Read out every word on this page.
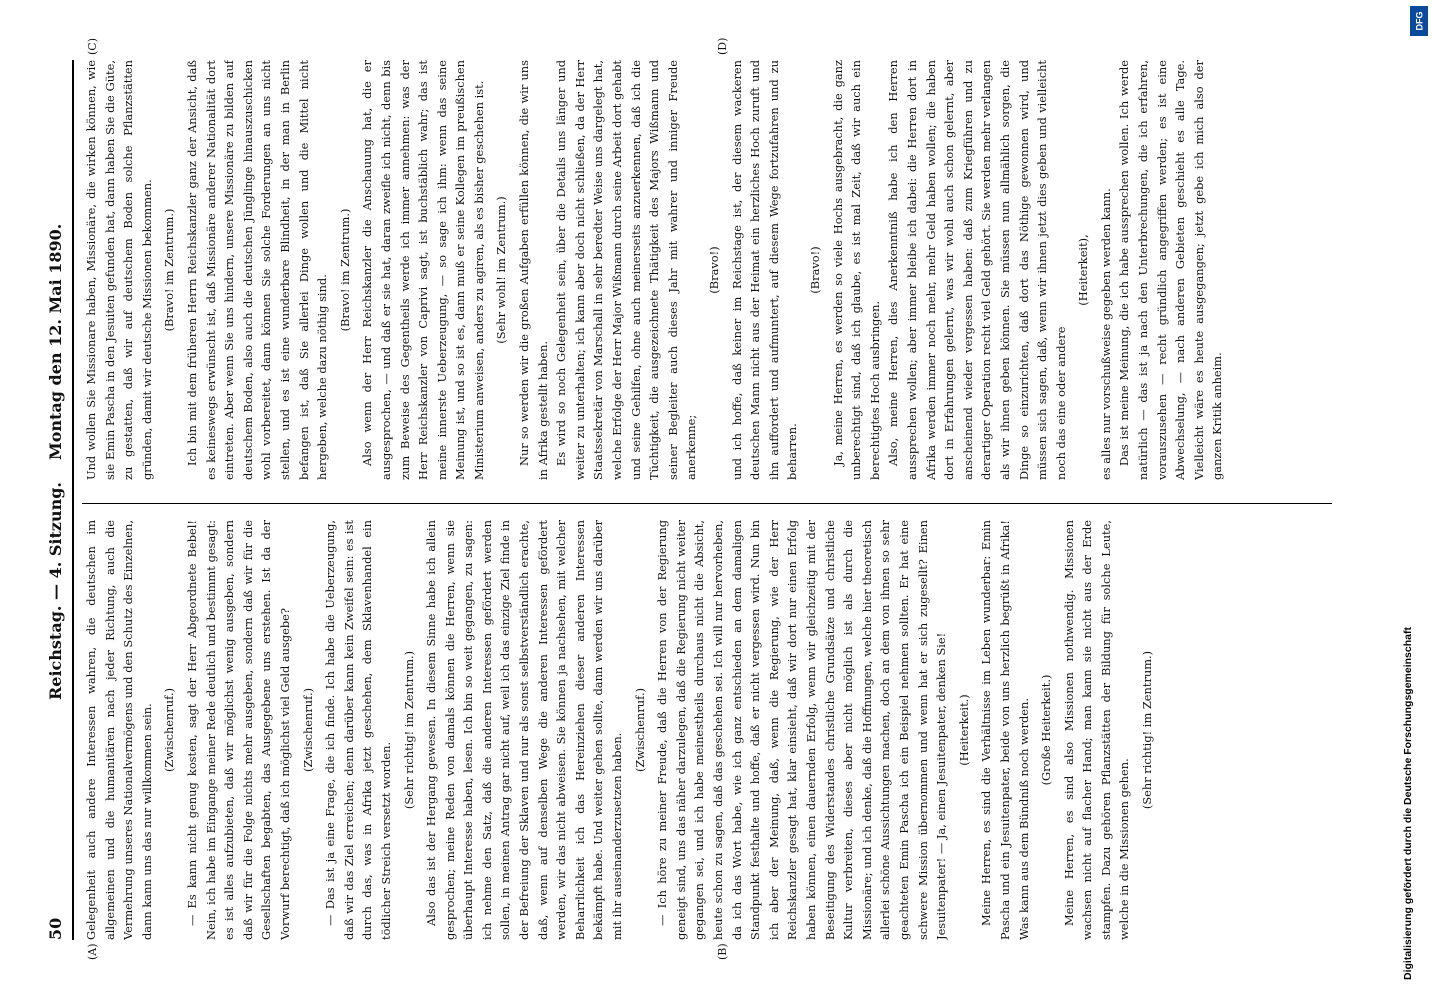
50
Reichstag. — 4. Sitzung.
Montag den 12. Mai 1890.
(A)	(B)
(C)	(D)

Gelegenheit auch andere Interessen wahren, die deutschen im allgemeinen und die humanitären nach jeder Richtung, auch die Vermehrung unseres Nationalvermögens und den Schutz des Einzelnen, dann kann uns das nur willkommen sein. (Zwischenruf.) — Es kann nicht genug kosten, sagt der Herr Abgeordnete Bebel! Nein, ich habe im Eingange meiner Rede deutlich und bestimmt gesagt: es ist alles aufzubieten, daß wir möglichst wenig ausgeben, sondern daß wir für die Folge nichts mehr ausgeben, sondern daß wir für die Gesellschaften begabten, das Ausgegebene uns erstehen. Ist da der Vorwurf berechtigt, daß ich möglichst viel Geld ausgebe? (Zwischenruf.) — Das ist ja eine Frage, die ich finde. Ich habe die Ueberzeugung, daß wir das Ziel erreichen; denn darüber kann kein Zweifel sein: es ist durch das, was in Afrika jetzt geschehen, dem Sklavenhandel ein tödlicher Streich versetzt worden.

(Sehr richtig! im Zentrum.) Also das ist der Hergang gewesen. In diesem Sinne habe ich allein gesprochen; meine Reden von damals können die Herren, wenn sie überhaupt Interesse haben, lesen. Ich bin so weit gegangen, zu sagen: ich nehme den Satz, daß die anderen Interessen gefördert werden sollen, in meinen Antrag gar nicht auf, weil ich das einzige Ziel finde in der Befreiung der Sklaven und nur als sonst selbstverständlich erachte, daß, wenn auf denselben Wege die anderen Interessen gefördert werden, wir das nicht abweisen. Sie können ja nachsehen, mit welcher Beharrlichkeit ich das Hereinziehen dieser anderen Interessen bekämpft habe. Und weiter gehen sollte, dann werden wir uns darüber mit ihr auseinanderzusetzen haben.

(Zwischenruf.) — Ich höre zu meiner Freude, daß die Herren von der Regierung geneigt sind, uns das näher darzulegen, daß die Regierung nicht weiter gegangen sei, und ich habe meinestheils durchaus nicht die Absicht, heute schon zu sagen, daß das geschehen sei. Ich will nur hervorheben, da ich das Wort habe, wie ich ganz entschieden an dem damaligen Standpunkt festhalte und hoffe, daß er nicht vergessen wird. Nun bin ich aber der Meinung, daß, wenn die Regierung, wie der Herr Reichskanzler gesagt hat, klar einsieht, daß wir dort nur einen Erfolg haben können, einen dauernden Erfolg, wenn wir gleichzeitig mit der Beseitigung des Widerstandes christliche Grundsätze und christliche Kultur verbreiten, dieses aber nicht möglich ist als durch die Missionäre; und ich denke, daß die Hoffnungen, welche hier theoretisch allerlei schöne Aussichtungen machen, doch an dem von ihnen so sehr geachteten Emin Pascha ich ein Beispiel nehmen sollten. Er hat eine schwere Mission übernommen und wenn hat er sich zugesellt? Einen Jesuitenpater! — Ja, einen Jesuitenpater, denken Sie! (Heiterkeit.) Meine Herren, es sind die Verhältnisse im Leben wunderbar: Emin Pascha und ein Jesuitenpater, beide von uns herzlich begrüßt in Afrika! Was kann aus dem Bündniß noch werden. (Große Heiterkeit.) Meine Herren, es sind also Missionen nothwendig. Missionen wachsen nicht auf flacher Hand; man kann sie nicht aus der Erde stampfen. Dazu gehören Pflanzstätten der Bildung für solche Leute, welche in die Missionen gehen.

(Sehr richtig! im Zentrum.)

Und wollen Sie Missionare haben, Missionäre, die wirken können, wie sie Emin Pascha in den Jesuiten gefunden hat, dann haben Sie die Güte, zu gestatten, daß wir auf deutschem Boden solche Pflanzstätten gründen, damit wir deutsche Missionen bekommen. (Bravo! im Zentrum.) Ich bin mit dem früheren Herrn Reichskanzler ganz der Ansicht, daß es keineswegs erwünscht ist, daß Missionäre anderer Nationalität dort eintreten. Aber wenn Sie uns hindern, unsere Missionäre zu bilden auf deutschem Boden, also auch die deutschen Jünglinge hinauszuschicken wohl vorbereitet, dann können Sie solche Forderungen an uns nicht stellen, und es ist eine wunderbare Blindheit, in der man in Berlin befangen ist, daß Sie allerlei Dinge wollen und die Mittel nicht hergeben, welche dazu nöthig sind.

(Bravo! im Zentrum.) Also wenn der Herr Reichskanzler die Anschauung hat, die er ausgesprochen, — und daß er sie hat, daran zweifle ich nicht, denn bis zum Beweise des Gegentheils werde ich immer annehmen: was der Herr Reichskanzler von Caprivi sagt, ist buchstäblich wahr; das ist meine innerste Ueberzeugung, — so sage ich ihm: wenn das seine Meinung ist, und so ist es, dann muß er seine Kollegen im preußischen Ministerium anweisen, anders zu agiren, als es bisher geschehen ist. (Sehr wohl! im Zentrum.) Nur so werden wir die großen Aufgaben erfüllen können, die wir uns in Afrika gestellt haben. Es wird so noch Gelegenheit sein, über die Details uns länger und weiter zu unterhalten; ich kann aber doch nicht schließen, da der Herr Staatssekretär von Marschall in sehr beredter Weise uns dargelegt hat, welche Erfolge der Herr Major Wißmann durch seine Arbeit dort gehabt und seine Gehilfen, ohne auch meinerseits anzuerkennen, daß ich die Tüchtigkeit, die ausgezeichnete Thätigkeit des Majors Wißmann und seiner Begleiter auch dieses Jahr mit wahrer und inniger Freude anerkenne;

(Bravo!) und ich hoffe, daß keiner im Reichstage ist, der diesem wackeren deutschen Mann nicht aus der Heimat ein herzliches Hoch zuruft und ihn auffordert und aufmuntert, auf diesem Wege fortzufahren und zu beharren.

(Bravo!) Ja, meine Herren, es werden so viele Hochs ausgebracht, die ganz unberechtigt sind, daß ich glaube, es ist mal Zeit, daß wir auch ein berechtigtes Hoch ausbringen. Also, meine Herren, dies Anerkenntniß habe ich den Herren aussprechen wollen; aber immer bleibe ich dabei: die Herren dort in Afrika werden immer noch mehr, mehr Geld haben wollen; die haben dort in Erfahrungen gelernt, was wir wohl auch schon gelernt, aber anscheinend wieder vergessen haben: daß zum Kriegführen und zu derartiger Operation recht viel Geld gehört. Sie werden mehr verlangen als wir ihnen geben können. Sie müssen nun allmählich sorgen, die Dinge so einzurichten, daß dort das Nöthige gewonnen wird, und müssen sich sagen, daß, wenn wir ihnen jetzt dies geben und vielleicht noch das eine oder andere

(Heiterkeit), es alles nur vorschußweise gegeben werden kann. Das ist meine Meinung, die ich habe aussprechen wollen. Ich werde natürlich — das ist ja nach den Unterbrechungen, die ich erfahren, vorauszusehen — recht gründlich angegriffen werden; es ist eine Abwechselung, — nach anderen Gebieten geschieht es alle Tage. Vielleicht wäre es heute ausgegangen; jetzt gebe ich mich also der ganzen Kritik anheim.

DFG
Digitalisierung gefördert durch die Deutsche Forschungsgemeinschaft
